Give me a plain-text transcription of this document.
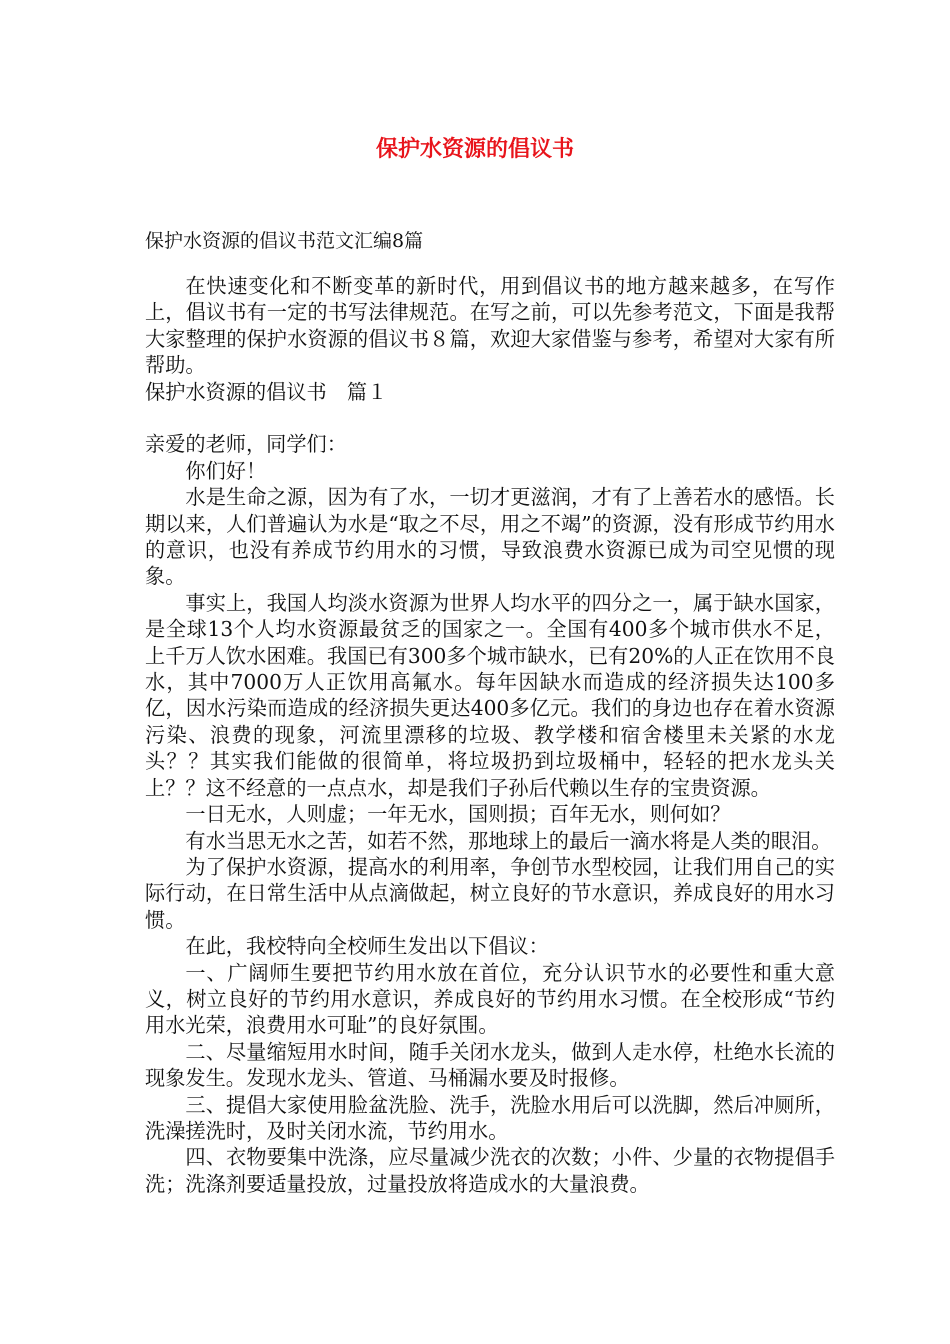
保护水资源的倡议书

保护水资源的倡议书范文汇编8篇

在快速变化和不断变革的新时代，用到倡议书的地方越来越多，在写作上，倡议书有一定的书写法律规范。在写之前，可以先参考范文，下面是我帮大家整理的保护水资源的倡议书８篇，欢迎大家借鉴与参考，希望对大家有所帮助。

保护水资源的倡议书　篇１

亲爱的老师，同学们：

你们好！

水是生命之源，因为有了水，一切才更滋润，才有了上善若水的感悟。长期以来，人们普遍认为水是“取之不尽，用之不竭”的资源，没有形成节约用水的意识，也没有养成节约用水的习惯，导致浪费水资源已成为司空见惯的现象。

事实上，我国人均淡水资源为世界人均水平的四分之一，属于缺水国家，是全球13个人均水资源最贫乏的国家之一。全国有400多个城市供水不足，上千万人饮水困难。我国已有300多个城市缺水，已有20%的人正在饮用不良水，其中7000万人正饮用高氟水。每年因缺水而造成的经济损失达100多亿，因水污染而造成的经济损失更达400多亿元。我们的身边也存在着水资源污染、浪费的现象，河流里漂移的垃圾、教学楼和宿舍楼里未关紧的水龙头？？其实我们能做的很简单，将垃圾扔到垃圾桶中，轻轻的把水龙头关上？？这不经意的一点点水，却是我们子孙后代赖以生存的宝贵资源。

一日无水，人则虚；一年无水，国则损；百年无水，则何如？

有水当思无水之苦，如若不然，那地球上的最后一滴水将是人类的眼泪。

为了保护水资源，提高水的利用率，争创节水型校园，让我们用自己的实际行动，在日常生活中从点滴做起，树立良好的节水意识，养成良好的用水习惯。

在此，我校特向全校师生发出以下倡议：

一、广阔师生要把节约用水放在首位，充分认识节水的必要性和重大意义，树立良好的节约用水意识，养成良好的节约用水习惯。在全校形成“节约用水光荣，浪费用水可耻”的良好氛围。

二、尽量缩短用水时间，随手关闭水龙头，做到人走水停，杜绝水长流的现象发生。发现水龙头、管道、马桶漏水要及时报修。

三、提倡大家使用脸盆洗脸、洗手，洗脸水用后可以洗脚，然后冲厕所，洗澡搓洗时，及时关闭水流，节约用水。

四、衣物要集中洗涤，应尽量减少洗衣的次数；小件、少量的衣物提倡手洗；洗涤剂要适量投放，过量投放将造成水的大量浪费。
